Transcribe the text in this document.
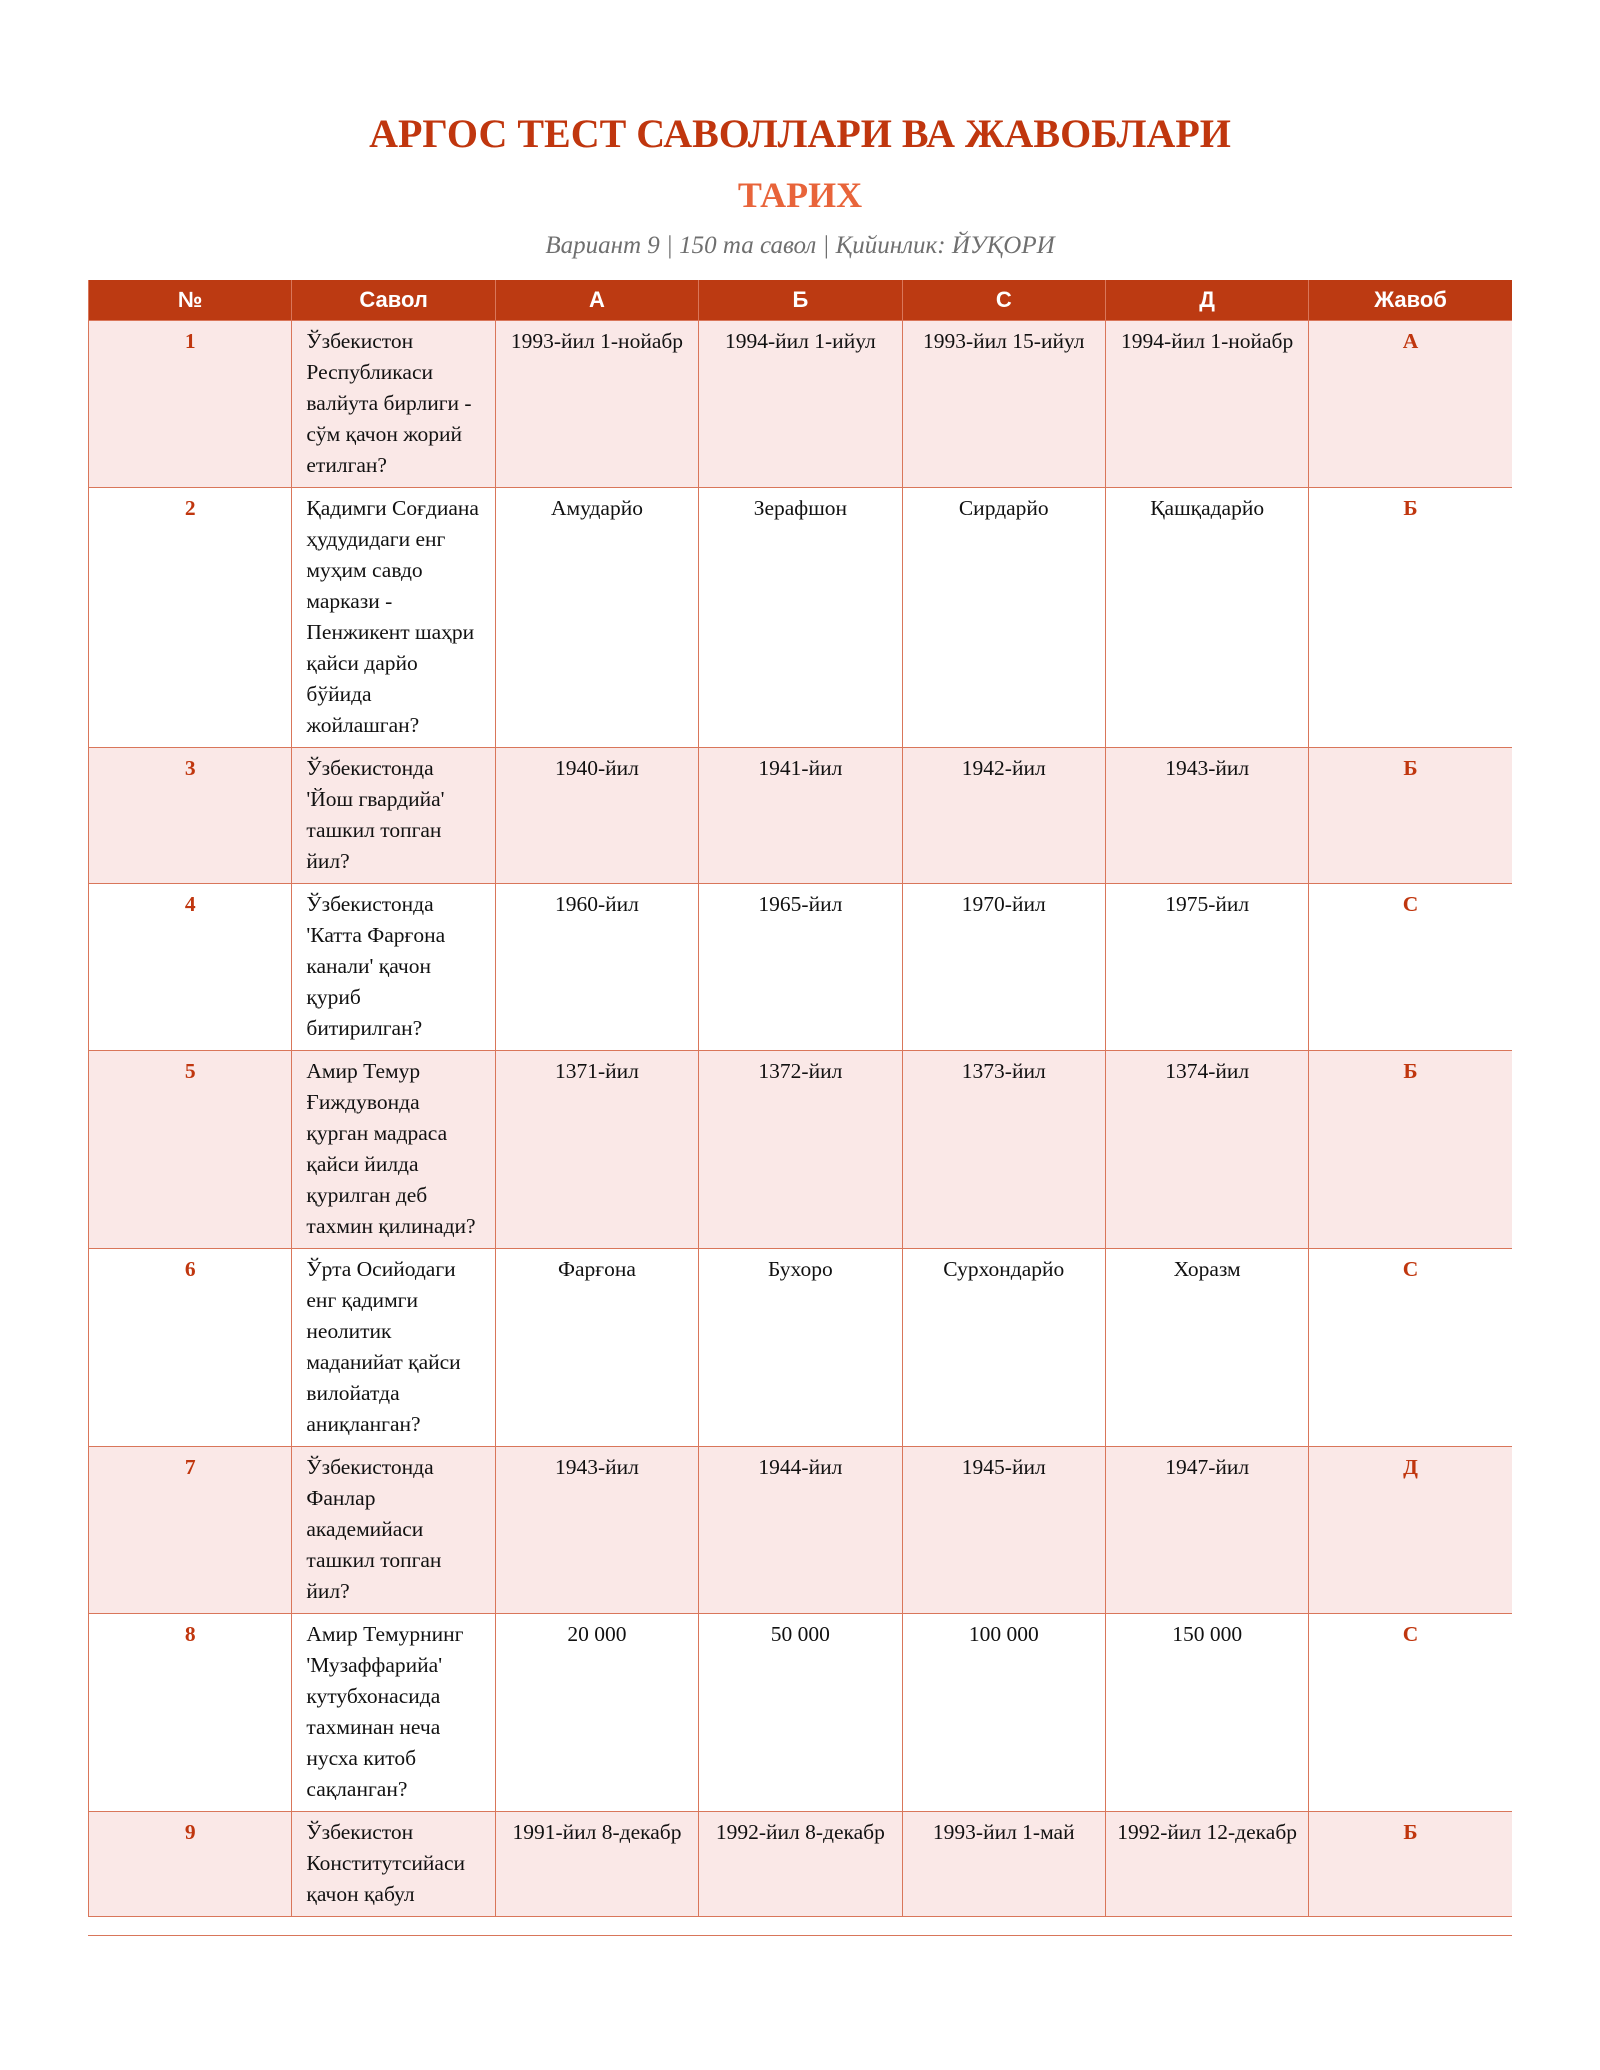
АРГОС ТЕСТ САВОЛЛАРИ ВА ЖАВОБЛАРИ
ТАРИХ

Вариант 9 | 150 та савол | Қийинлик: ЙУҚОРИ

№	Савол	А	Б	С	Д	Жавоб
1	Ўзбекистон Республикаси валйута бирлиги - сўм қачон жорий етилган?	1993-йил 1-нойабр	1994-йил 1-ийул	1993-йил 15-ийул	1994-йил 1-нойабр	А
2	Қадимги Соғдиана ҳудудидаги енг муҳим савдо маркази - Пенжикент шаҳри қайси дарйо бўйида жойлашган?	Амударйо	Зерафшон	Сирдарйо	Қашқадарйо	Б
3	Ўзбекистонда 'Йош гвардийа' ташкил топган йил?	1940-йил	1941-йил	1942-йил	1943-йил	Б
4	Ўзбекистонда 'Катта Фарғона канали' қачон қуриб битирилган?	1960-йил	1965-йил	1970-йил	1975-йил	С
5	Амир Темур Ғиждувонда қурган мадраса қайси йилда қурилган деб тахмин қилинади?	1371-йил	1372-йил	1373-йил	1374-йил	Б
6	Ўрта Осийодаги енг қадимги неолитик маданийат қайси вилойатда аниқланган?	Фарғона	Бухоро	Сурхондарйо	Хоразм	С
7	Ўзбекистонда Фанлар академийаси ташкил топган йил?	1943-йил	1944-йил	1945-йил	1947-йил	Д
8	Амир Темурнинг 'Музаффарийа' кутубхонасида тахминан неча нусха китоб сақланган?	20 000	50 000	100 000	150 000	С
9	Ўзбекистон Конститутсийаси қачон қабул	1991-йил 8-декабр	1992-йил 8-декабр	1993-йил 1-май	1992-йил 12-декабр	Б
